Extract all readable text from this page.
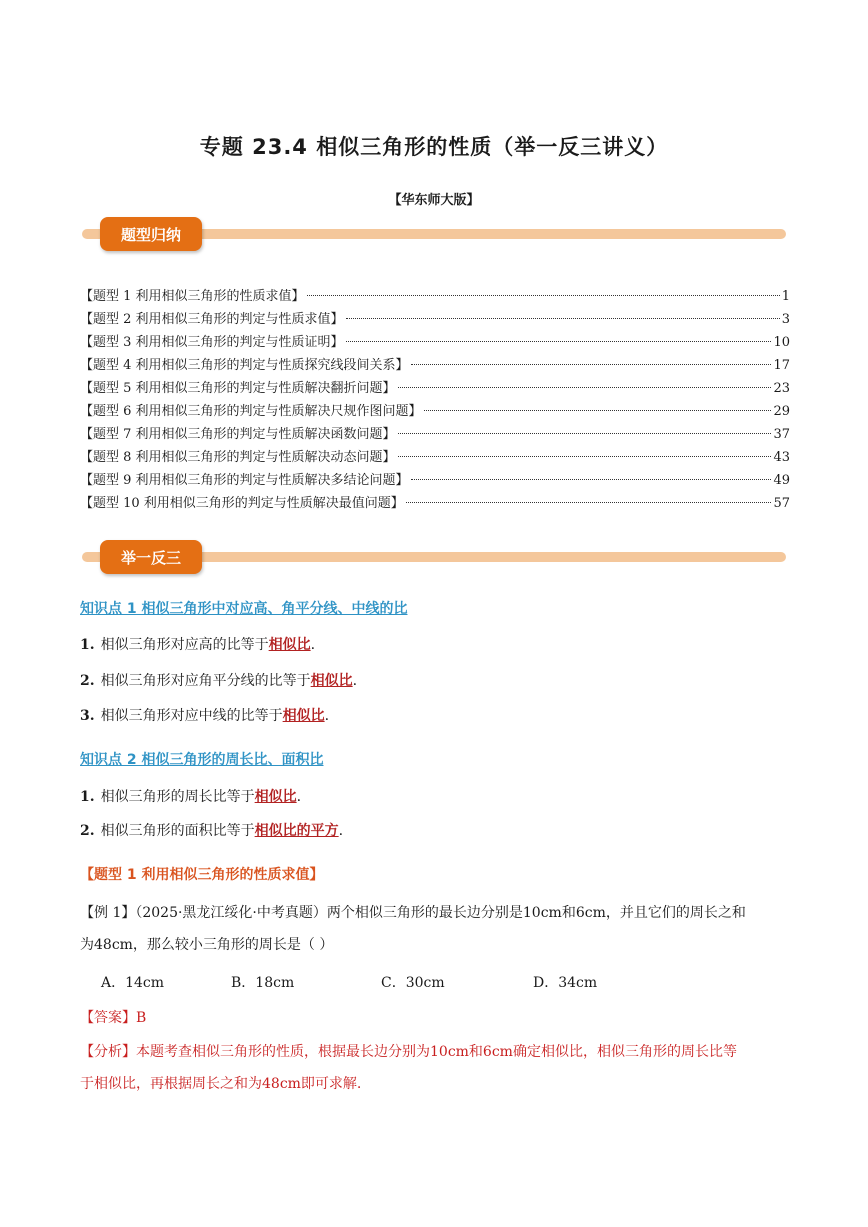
专题 23.4 相似三角形的性质（举一反三讲义）
【华东师大版】
题型归纳
【题型 1 利用相似三角形的性质求值】	1
【题型 2 利用相似三角形的判定与性质求值】	3
【题型 3 利用相似三角形的判定与性质证明】	10
【题型 4 利用相似三角形的判定与性质探究线段间关系】	17
【题型 5 利用相似三角形的判定与性质解决翻折问题】	23
【题型 6 利用相似三角形的判定与性质解决尺规作图问题】	29
【题型 7 利用相似三角形的判定与性质解决函数问题】	37
【题型 8 利用相似三角形的判定与性质解决动态问题】	43
【题型 9 利用相似三角形的判定与性质解决多结论问题】	49
【题型 10 利用相似三角形的判定与性质解决最值问题】	57
举一反三
知识点 1 相似三角形中对应高、角平分线、中线的比
1. 相似三角形对应高的比等于相似比.
2. 相似三角形对应角平分线的比等于相似比.
3. 相似三角形对应中线的比等于相似比.
知识点 2 相似三角形的周长比、面积比
1. 相似三角形的周长比等于相似比.
2. 相似三角形的面积比等于相似比的平方.
【题型 1 利用相似三角形的性质求值】
【例 1】（2025·黑龙江绥化·中考真题）两个相似三角形的最长边分别是10cm和6cm，并且它们的周长之和
为48cm，那么较小三角形的周长是（ ）
A．14cm	B．18cm	C．30cm	D．34cm
【答案】B
【分析】本题考查相似三角形的性质，根据最长边分别为10cm和6cm确定相似比，相似三角形的周长比等
于相似比，再根据周长之和为48cm即可求解.
